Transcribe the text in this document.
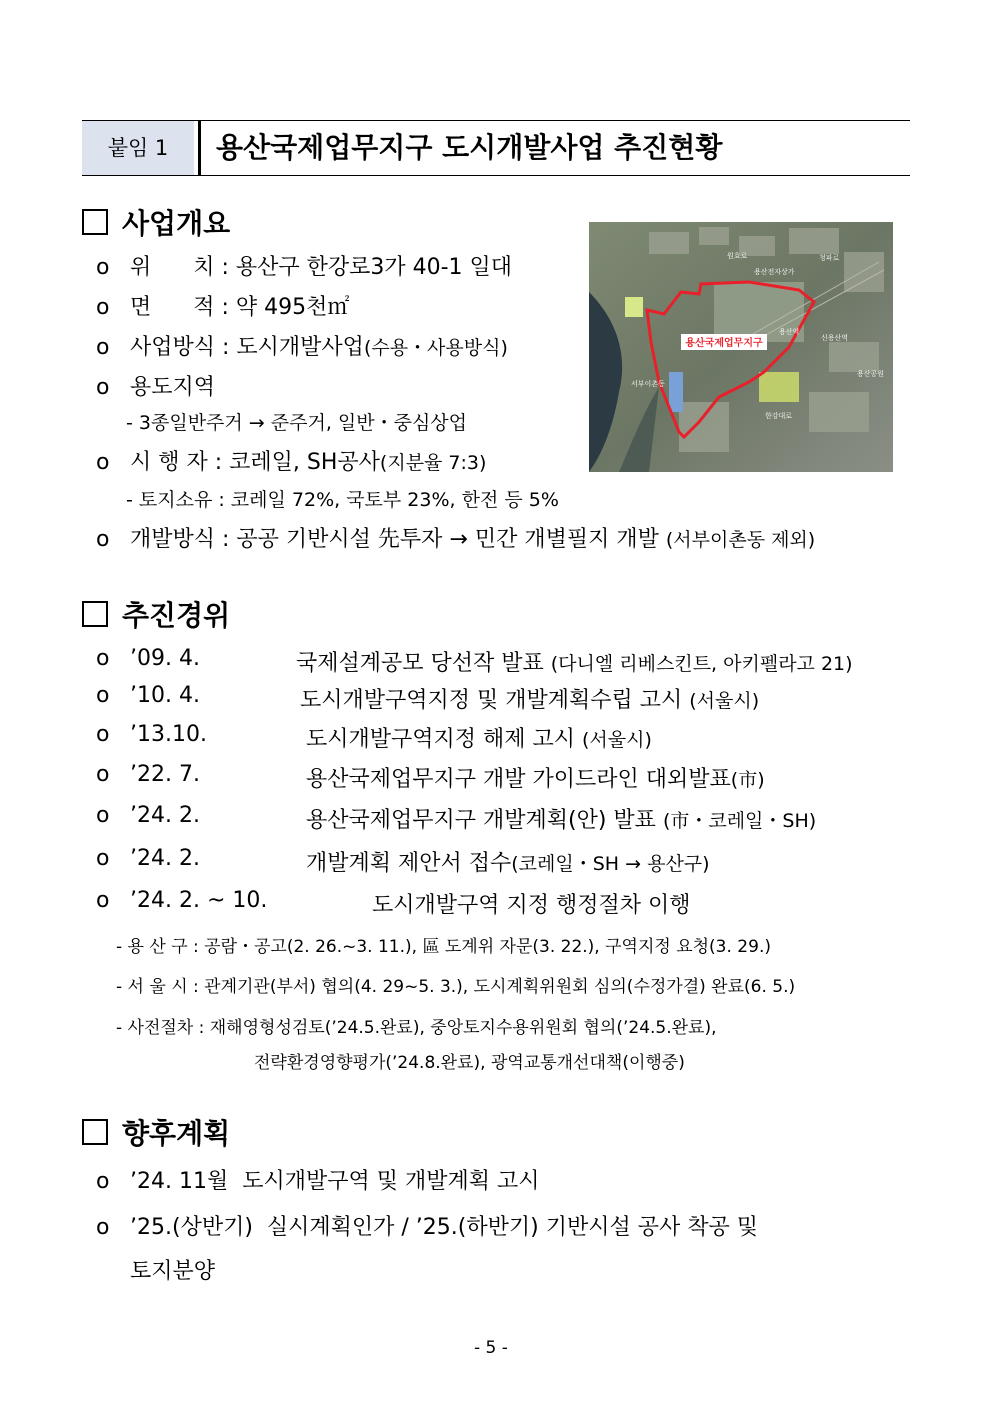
붙임 1	용산국제업무지구 도시개발사업 추진현황
사업개요
o 위      치 : 용산구 한강로3가 40-1 일대
o 면      적 : 약 495천㎡
o 사업방식 : 도시개발사업(수용・사용방식)
o 용도지역
- 3종일반주거 → 준주거, 일반・중심상업
o 시 행 자 : 코레일, SH공사(지분율 7:3)
- 토지소유 : 코레일 72%, 국토부 23%, 한전 등 5%
o 개발방식 : 공공 기반시설 先투자 → 민간 개별필지 개발 (서부이촌동 제외)
용산국제업무지구
원효로	청파로
용산전자상가
용산역
신용산역
용산공원
서부이촌동
한강대로
추진경위
o ’09. 4.	국제설계공모 당선작 발표 (다니엘 리베스킨트, 아키펠라고 21)
o ’10. 4.	도시개발구역지정 및 개발계획수립 고시 (서울시)
o ’13.10.	도시개발구역지정 해제 고시 (서울시)
o ’22. 7.	용산국제업무지구 개발 가이드라인 대외발표(市)
o ’24. 2.	용산국제업무지구 개발계획(안) 발표 (市・코레일・SH)
o ’24. 2.	개발계획 제안서 접수(코레일・SH → 용산구)
o ’24. 2. ~ 10.	도시개발구역 지정 행정절차 이행
- 용 산 구 : 공람・공고(2. 26.~3. 11.), 區 도계위 자문(3. 22.), 구역지정 요청(3. 29.)
- 서 울 시 : 관계기관(부서) 협의(4. 29~5. 3.), 도시계획위원회 심의(수정가결) 완료(6. 5.)
- 사전절차 : 재해영형성검토(’24.5.완료), 중앙토지수용위원회 협의(’24.5.완료),
전략환경영향평가(’24.8.완료), 광역교통개선대책(이행중)
향후계획
o ’24. 11월  도시개발구역 및 개발계획 고시
o ’25.(상반기)  실시계획인가 / ’25.(하반기) 기반시설 공사 착공 및
토지분양
- 5 -
